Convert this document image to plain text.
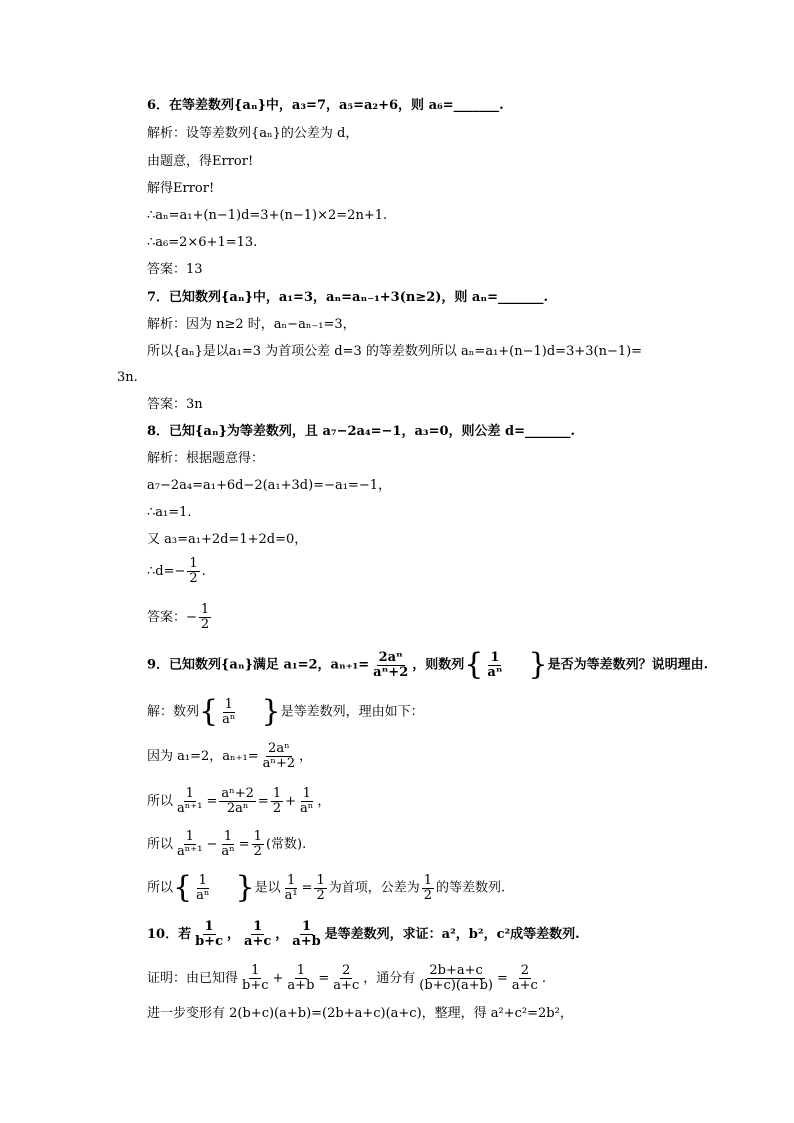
6．在等差数列{aₙ}中，a₃=7，a₅=a₂+6，则 a₆=_______.
解析：设等差数列{aₙ}的公差为 d，
由题意，得Error!
解得Error!
∴aₙ=a₁+(n−1)d=3+(n−1)×2=2n+1.
∴a₆=2×6+1=13.
答案：13
7．已知数列{aₙ}中，a₁=3，aₙ=aₙ₋₁+3(n≥2)，则 aₙ=_______.
解析：因为 n≥2 时，aₙ−aₙ₋₁=3，
所以{aₙ}是以a₁=3 为首项公差 d=3 的等差数列所以 aₙ=a₁+(n−1)d=3+3(n−1)=
3n.
答案：3n
8．已知{aₙ}为等差数列，且 a₇−2a₄=−1，a₃=0，则公差 d=_______.
解析：根据题意得：
a₇−2a₄=a₁+6d−2(a₁+3d)=−a₁=−1，
∴a₁=1.
又 a₃=a₁+2d=1+2d=0，
∴d=− $\frac{1}{2}$ .
答案：− $\frac{1}{2}$
9．已知数列{aₙ}满足 a₁=2，$a_{n+1}= \frac{\text{2aⁿ}}{\text{aⁿ+2}}$ ，则数列{ $\frac{1}{\text{aⁿ}}$ }是否为等差数列？说明理由.
解：数列{ $\frac{1}{\text{aⁿ}}$ }是等差数列，理由如下：
因为 a₁=2，$a_{n+1}= \frac{\text{2aⁿ}}{\text{aⁿ+2}}$ ，
所以 $\frac{1}{\text{aⁿ⁺¹}} = \frac{\text{aⁿ+2}}{\text{2aⁿ}} = \frac{1}{2} + \frac{1}{\text{aⁿ}}$ ，
所以 $\frac{1}{\text{aⁿ⁺¹}} - \frac{1}{\text{aⁿ}} = \frac{1}{2}$ (常数).
所以{ $\frac{1}{\text{aⁿ}}$ }是以 $\frac{1}{\text{a¹}} = \frac{1}{2}$ 为首项，公差为 $\frac{1}{2}$ 的等差数列.
10．若 $\frac{1}{b+c}$ ， $\frac{1}{a+c}$ ， $\frac{1}{a+b}$ 是等差数列，求证：a²，b²，c²成等差数列.
证明：由已知得 $\frac{1}{b+c} + \frac{1}{a+b} = \frac{2}{a+c}$ ，通分有 $\frac{2b+a+c}{(b+c)(a+b)} = \frac{2}{a+c}$ .
进一步变形有 2(b+c)(a+b)=(2b+a+c)(a+c)，整理，得 a²+c²=2b²，
